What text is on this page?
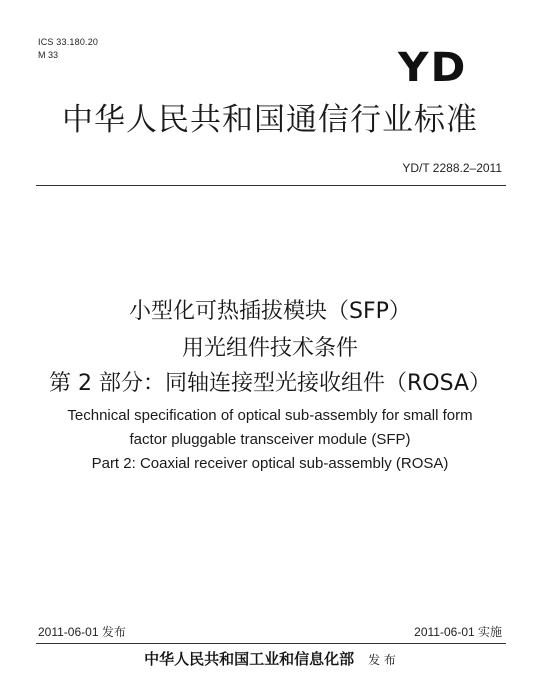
ICS 33.180.20
M 33	YD
中华人民共和国通信行业标准
YD/T 2288.2–2011
小型化可热插拔模块（SFP）
用光组件技术条件
第 2 部分：同轴连接型光接收组件（ROSA）
Technical specification of optical sub-assembly for small form
factor pluggable transceiver module (SFP)
Part 2: Coaxial receiver optical sub-assembly (ROSA)
2011-06-01 发布	2011-06-01 实施
中华人民共和国工业和信息化部 发 布
